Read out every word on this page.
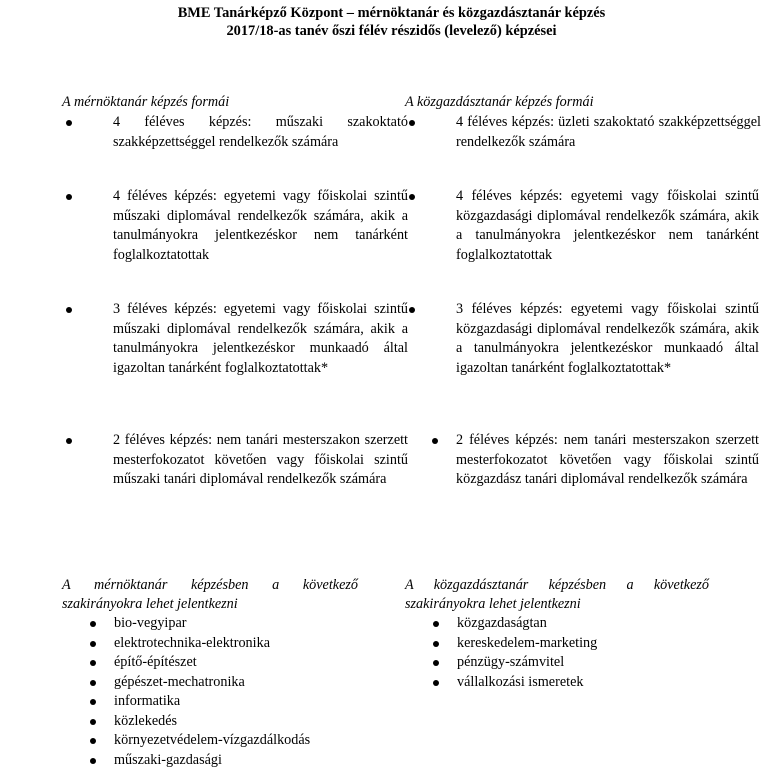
BME Tanárképző Központ – mérnöktanár és közgazdásztanár képzés
2017/18-as tanév őszi félév részidős (levelező) képzései

A mérnöktanár képzés formái

4 féléves képzés: műszaki szakoktató szakképzettséggel rendelkezők számára
4 féléves képzés: egyetemi vagy főiskolai szintű műszaki diplomával rendelkezők számára, akik a tanulmányokra jelentkezéskor nem tanárként foglalkoztatottak
3 féléves képzés: egyetemi vagy főiskolai szintű műszaki diplomával rendelkezők számára, akik a tanulmányokra jelentkezéskor munkaadó által igazoltan tanárként foglalkoztatottak*
2 féléves képzés: nem tanári mesterszakon szerzett mesterfokozatot követően vagy főiskolai szintű műszaki tanári diplomával rendelkezők számára

A mérnöktanár képzésben a következő szakirányokra lehet jelentkezni

bio-vegyipar
elektrotechnika-elektronika
építő-építészet
gépészet-mechatronika
informatika
közlekedés
környezetvédelem-vízgazdálkodás
műszaki-gazdasági

A közgazdásztanár képzés formái

4 féléves képzés: üzleti szakoktató szakképzettséggel rendelkezők számára
4 féléves képzés: egyetemi vagy főiskolai szintű közgazdasági diplomával rendelkezők számára, akik a tanulmányokra jelentkezéskor nem tanárként foglalkoztatottak
3 féléves képzés: egyetemi vagy főiskolai szintű közgazdasági diplomával rendelkezők számára, akik a tanulmányokra jelentkezéskor munkaadó által igazoltan tanárként foglalkoztatottak*
2 féléves képzés: nem tanári mesterszakon szerzett mesterfokozatot követően vagy főiskolai szintű közgazdász tanári diplomával rendelkezők számára

A közgazdásztanár képzésben a következő szakirányokra lehet jelentkezni

közgazdaságtan
kereskedelem-marketing
pénzügy-számvitel
vállalkozási ismeretek
